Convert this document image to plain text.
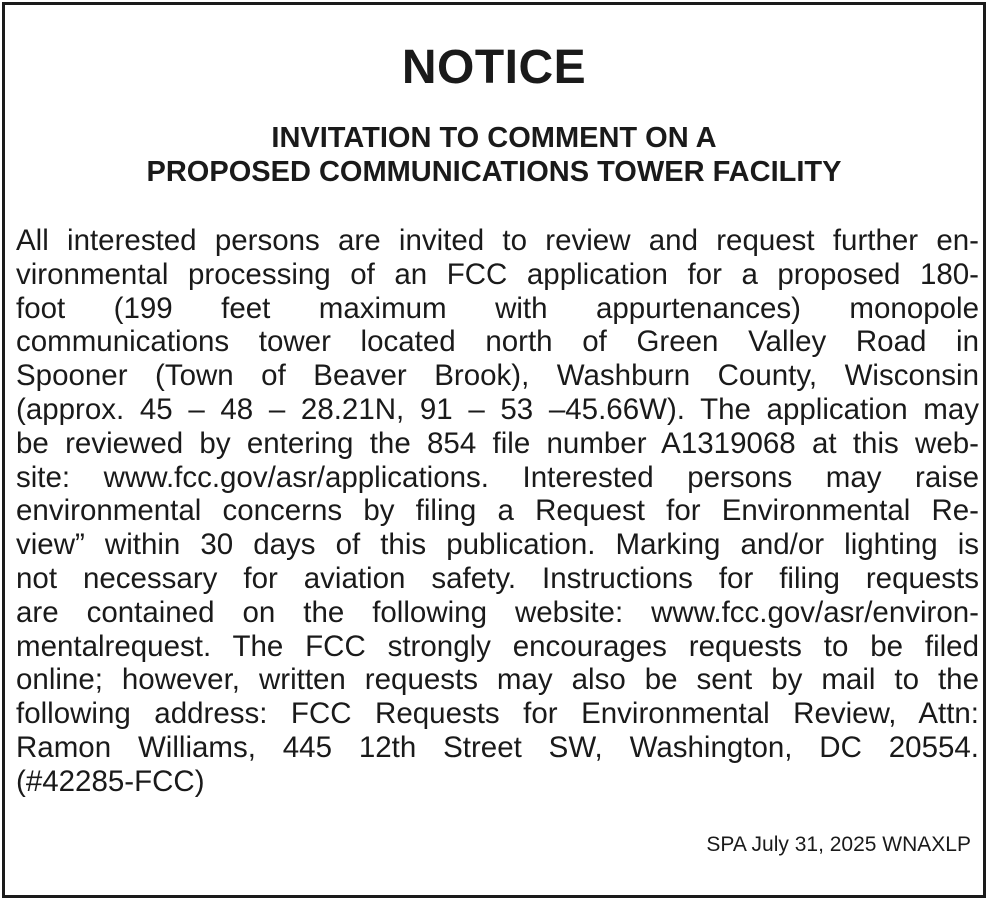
NOTICE
INVITATION TO COMMENT ON A
PROPOSED COMMUNICATIONS TOWER FACILITY

All interested persons are invited to review and request further en-
vironmental processing of an FCC application for a proposed 180-
foot (199 feet maximum with appurtenances) monopole
communications tower located north of Green Valley Road in
Spooner (Town of Beaver Brook), Washburn County, Wisconsin
(approx. 45 – 48 – 28.21N, 91 – 53 –45.66W). The application may
be reviewed by entering the 854 file number A1319068 at this web-
site: www.fcc.gov/asr/applications. Interested persons may raise
environmental concerns by filing a Request for Environmental Re-
view” within 30 days of this publication. Marking and/or lighting is
not necessary for aviation safety. Instructions for filing requests
are contained on the following website: www.fcc.gov/asr/environ-
mentalrequest. The FCC strongly encourages requests to be filed
online; however, written requests may also be sent by mail to the
following address: FCC Requests for Environmental Review, Attn:
Ramon Williams, 445 12th Street SW, Washington, DC 20554.
(#42285-FCC)

SPA July 31, 2025 WNAXLP
